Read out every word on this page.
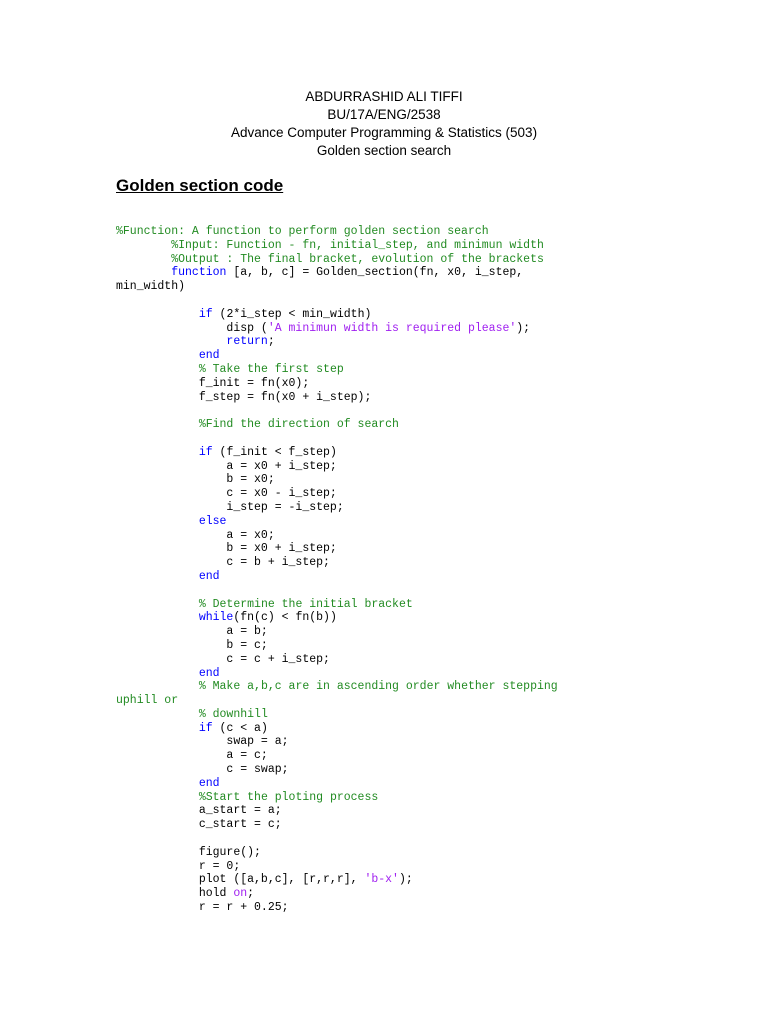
ABDURRASHID ALI TIFFI
BU/17A/ENG/2538
Advance Computer Programming & Statistics (503)
Golden section search
Golden section code
%Function: A function to perform golden section search
%Input: Function - fn, initial_step, and minimun width
%Output : The final bracket, evolution of the brackets
function [a, b, c] = Golden_section(fn, x0, i_step,
min_width)

if (2*i_step < min_width)
disp ('A minimun width is required please');
return;
end
% Take the first step
f_init = fn(x0);
f_step = fn(x0 + i_step);

%Find the direction of search

if (f_init < f_step)
a = x0 + i_step;
b = x0;
c = x0 - i_step;
i_step = -i_step;
else
a = x0;
b = x0 + i_step;
c = b + i_step;
end

% Determine the initial bracket
while(fn(c) < fn(b))
a = b;
b = c;
c = c + i_step;
end
% Make a,b,c are in ascending order whether stepping
uphill or
% downhill
if (c < a)
swap = a;
a = c;
c = swap;
end
%Start the ploting process
a_start = a;
c_start = c;

figure();
r = 0;
plot ([a,b,c], [r,r,r], 'b-x');
hold on;
r = r + 0.25;
